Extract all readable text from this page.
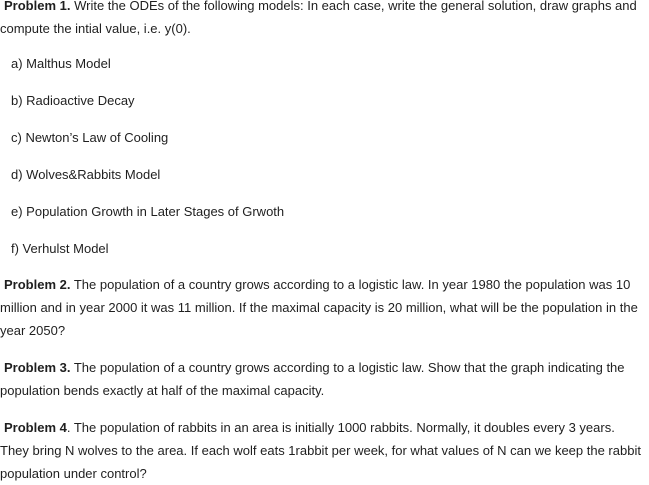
Problem 1. Write the ODEs of the following models: In each case, write the general solution, draw graphs and compute the intial value, i.e. y(0).

a) Malthus Model

b) Radioactive Decay

c) Newton’s Law of Cooling

d) Wolves&Rabbits Model

e) Population Growth in Later Stages of Grwoth

f) Verhulst Model

Problem 2. The population of a country grows according to a logistic law. In year 1980 the population was 10 million and in year 2000 it was 11 million. If the maximal capacity is 20 million, what will be the population in the year 2050?

Problem 3. The population of a country grows according to a logistic law. Show that the graph indicating the population bends exactly at half of the maximal capacity.

Problem 4. The population of rabbits in an area is initially 1000 rabbits. Normally, it doubles every 3 years. They bring N wolves to the area. If each wolf eats 1rabbit per week, for what values of N can we keep the rabbit population under control?
